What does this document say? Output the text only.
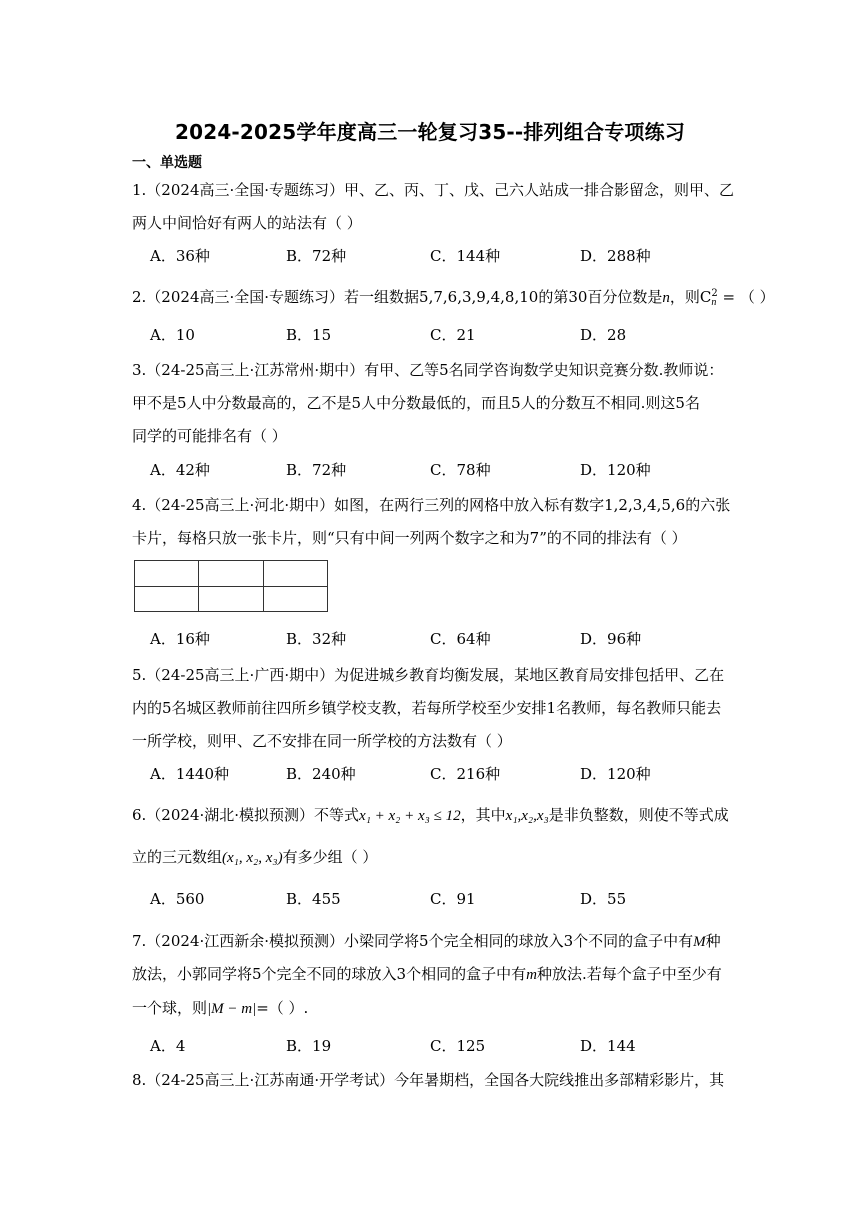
2024-2025学年度高三一轮复习35--排列组合专项练习
一、单选题
1.（2024高三·全国·专题练习）甲、乙、丙、丁、戊、己六人站成一排合影留念，则甲、乙
两人中间恰好有两人的站法有（ ）
A．36种	B．72种	C．144种	D．288种
2.（2024高三·全国·专题练习）若一组数据5,7,6,3,9,4,8,10的第30百分位数是n，则C 2
n = （ ）
A．10	B．15	C．21	D．28
3.（24-25高三上·江苏常州·期中）有甲、乙等5名同学咨询数学史知识竞赛分数.教师说：
甲不是5人中分数最高的，乙不是5人中分数最低的，而且5人的分数互不相同.则这5名
同学的可能排名有（ ）
A．42种	B．72种	C．78种	D．120种
4.（24-25高三上·河北·期中）如图，在两行三列的网格中放入标有数字1,2,3,4,5,6的六张
卡片，每格只放一张卡片，则“只有中间一列两个数字之和为7”的不同的排法有（ ）

A．16种	B．32种	C．64种	D．96种
5.（24-25高三上·广西·期中）为促进城乡教育均衡发展，某地区教育局安排包括甲、乙在
内的5名城区教师前往四所乡镇学校支教，若每所学校至少安排1名教师，每名教师只能去
一所学校，则甲、乙不安排在同一所学校的方法数有（ ）
A．1440种	B．240种	C．216种	D．120种
6.（2024·湖北·模拟预测）不等式x₁ + x₂ + x₃ ≤ 12，其中x₁,x₂,x₃是非负整数，则使不等式成
立的三元数组(x₁, x₂, x₃)有多少组（ ）
A．560	B．455	C．91	D．55
7.（2024·江西新余·模拟预测）小梁同学将5个完全相同的球放入3个不同的盒子中有M种
放法，小郭同学将5个完全不同的球放入3个相同的盒子中有m种放法.若每个盒子中至少有
一个球，则|M − m|=（ ）.
A．4	B．19	C．125	D．144
8.（24-25高三上·江苏南通·开学考试）今年暑期档，全国各大院线推出多部精彩影片，其
